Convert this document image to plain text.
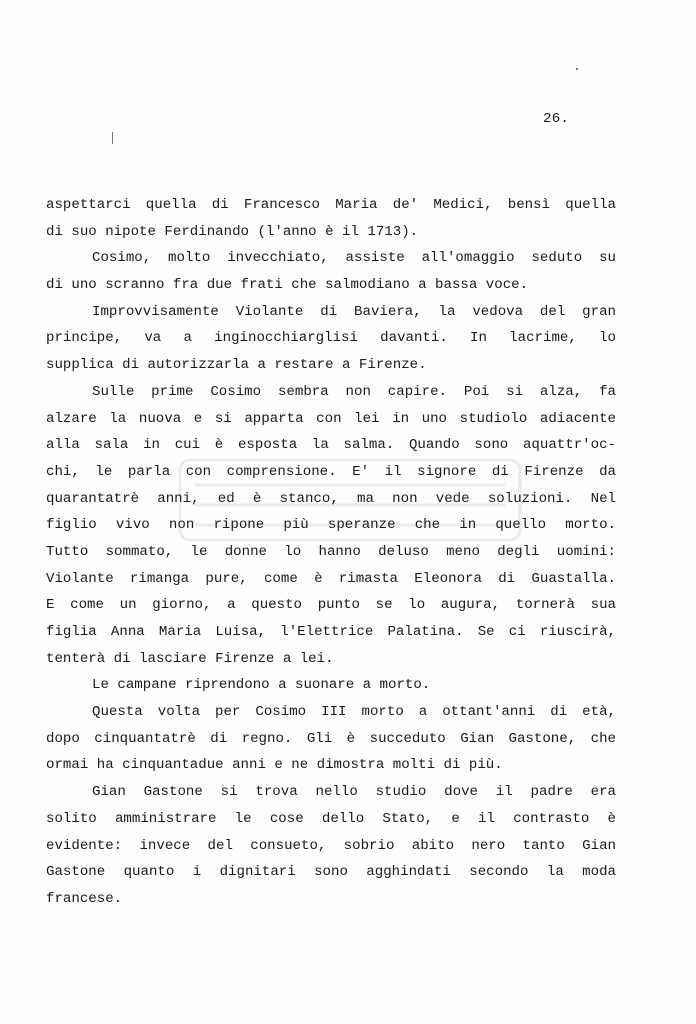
26.
aspettarci quella di Francesco Maria de' Medici, bensì quella
di suo nipote Ferdinando (l'anno è il 1713).
Cosimo, molto invecchiato, assiste all'omaggio seduto su
di uno scranno fra due frati che salmodiano a bassa voce.
Improvvisamente Violante di Baviera, la vedova del gran
principe, va a inginocchiarglisi davanti. In lacrime, lo
supplica di autorizzarla a restare a Firenze.
Sulle prime Cosimo sembra non capire. Poi si alza, fa
alzare la nuova e si apparta con lei in uno studiolo adiacente
alla sala in cui è esposta la salma. Quando sono aquattr'oc-
chi, le parla con comprensione. E' il signore di Firenze da
quarantatrè anni, ed è stanco, ma non vede soluzioni. Nel
figlio vivo non ripone più speranze che in quello morto.
Tutto sommato, le donne lo hanno deluso meno degli uomini:
Violante rimanga pure, come è rimasta Eleonora di Guastalla.
E come un giorno, a questo punto se lo augura, tornerà sua
figlia Anna Maria Luisa, l'Elettrice Palatina. Se ci riuscirà,
tenterà di lasciare Firenze a lei.
Le campane riprendono a suonare a morto.
Questa volta per Cosimo III morto a ottant'anni di età,
dopo cinquantatrè di regno. Gli è succeduto Gian Gastone, che
ormai ha cinquantadue anni e ne dimostra molti di più.
Gian Gastone si trova nello studio dove il padre era
solito amministrare le cose dello Stato, e il contrasto è
evidente: invece del consueto, sobrio abito nero tanto Gian
Gastone quanto i dignitari sono agghindati secondo la moda
francese.
